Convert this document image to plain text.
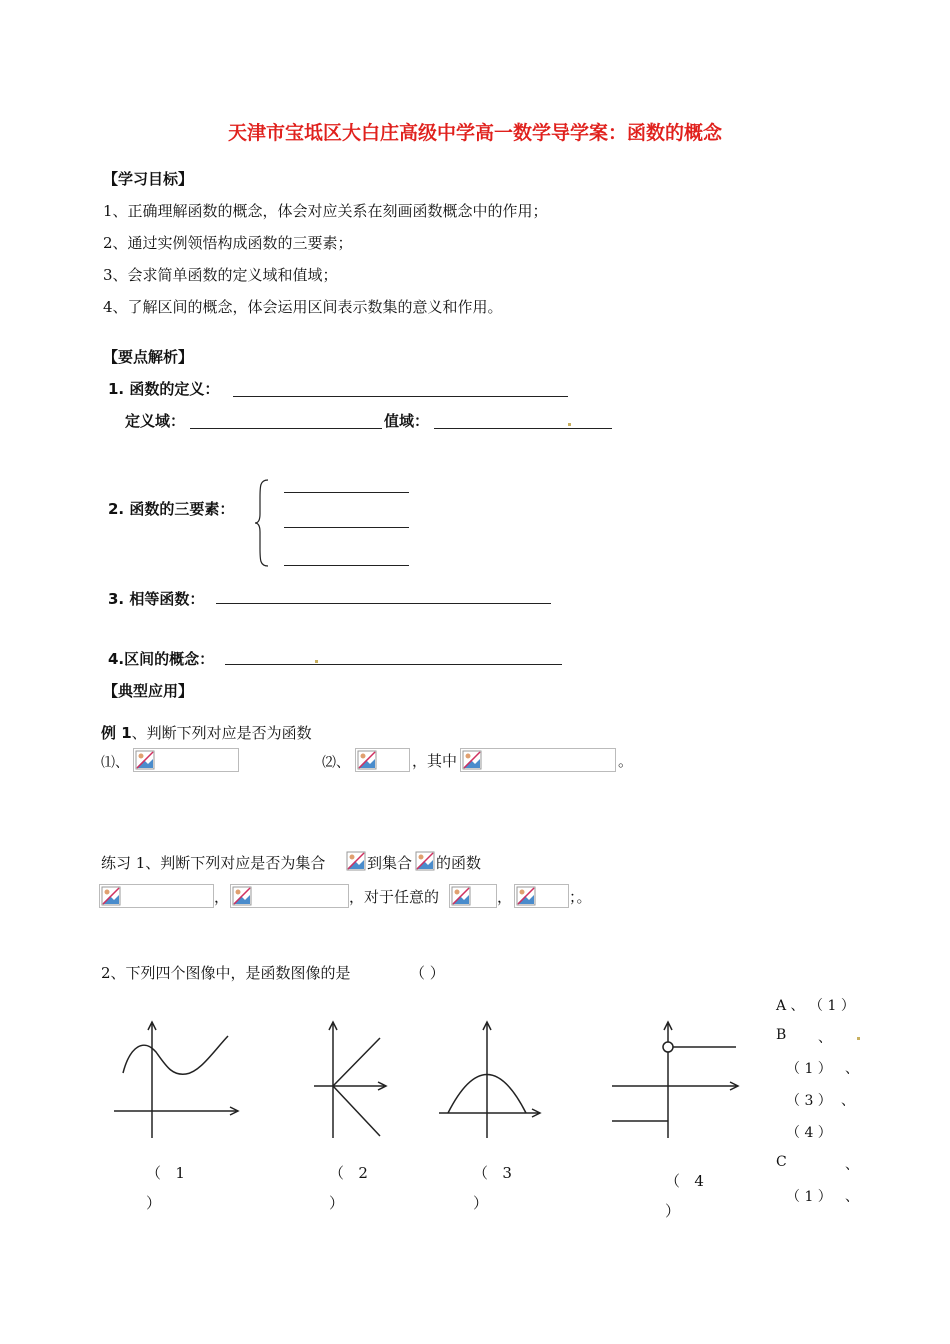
天津市宝坻区大白庄高级中学高一数学导学案：函数的概念
【学习目标】
1、正确理解函数的概念，体会对应关系在刻画函数概念中的作用；
2、通过实例领悟构成函数的三要素；
3、会求简单函数的定义域和值域；
4、了解区间的概念，体会运用区间表示数集的意义和作用。
【要点解析】
1. 函数的定义：
定义域：	值域：
2. 函数的三要素：
3. 相等函数：
4.区间的概念：
【典型应用】
例 1、判断下列对应是否为函数
⑴、	⑵、	，其中	。
练习 1、判断下列对应是否为集合	到集合 的函数
，	，对于任意的	，	；。
2、下列四个图像中，是函数图像的是	（ ）
（ 1
）
（ 2
）
（ 3
）
（ 4
）
A 、 （ 1 ）
B 、
（ 1 ） 、
（ 3 ） 、
（ 4 ）
C	、
（ 1 ） 、
